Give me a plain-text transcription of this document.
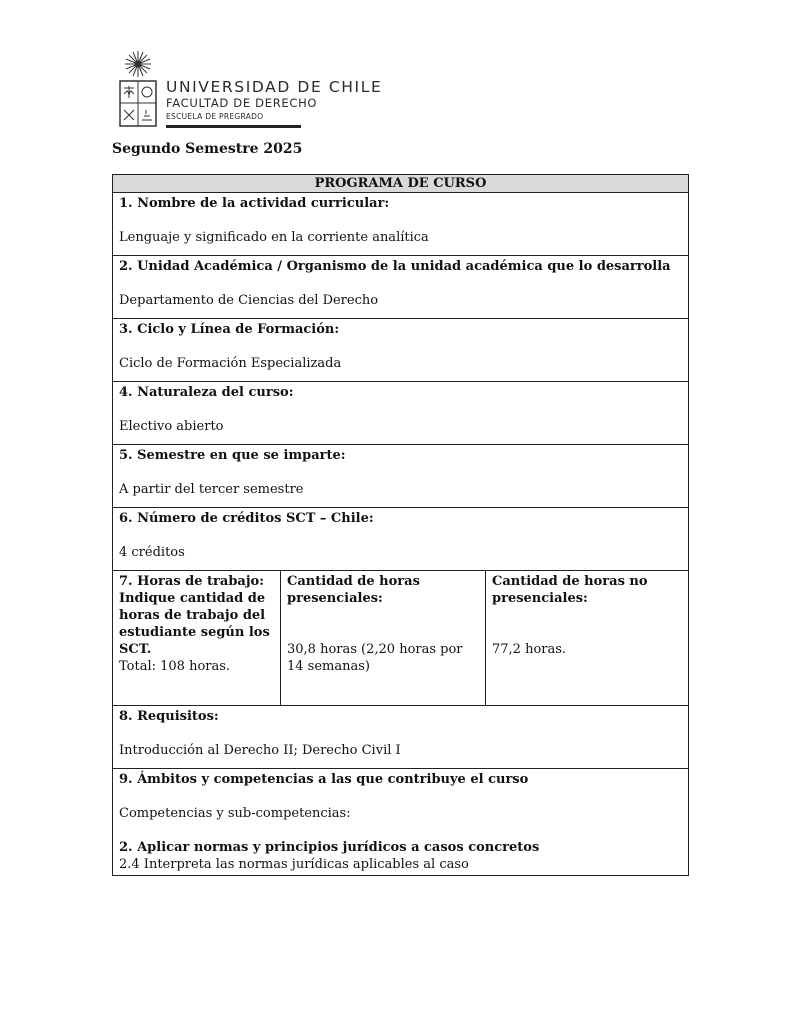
UNIVERSIDAD DE CHILE
FACULTAD DE DERECHO
ESCUELA DE PREGRADO
Segundo Semestre 2025
PROGRAMA DE CURSO

1. Nombre de la actividad curricular:
Lenguaje y significado en la corriente analítica

2. Unidad Académica / Organismo de la unidad académica que lo desarrolla
Departamento de Ciencias del Derecho

3. Ciclo y Línea de Formación:
Ciclo de Formación Especializada

4. Naturaleza del curso:
Electivo abierto

5. Semestre en que se imparte:
A partir del tercer semestre

6. Número de créditos SCT – Chile:
4 créditos

7. Horas de trabajo: Indique cantidad de horas de trabajo del estudiante según los SCT.
Total: 108 horas.

Cantidad de horas presenciales:
30,8 horas (2,20 horas por 14 semanas)

Cantidad de horas no presenciales:
77,2 horas.

8. Requisitos:
Introducción al Derecho II; Derecho Civil I

9. Ámbitos y competencias a las que contribuye el curso
Competencias y sub-competencias:
2. Aplicar normas y principios jurídicos a casos concretos
2.4 Interpreta las normas jurídicas aplicables al caso
